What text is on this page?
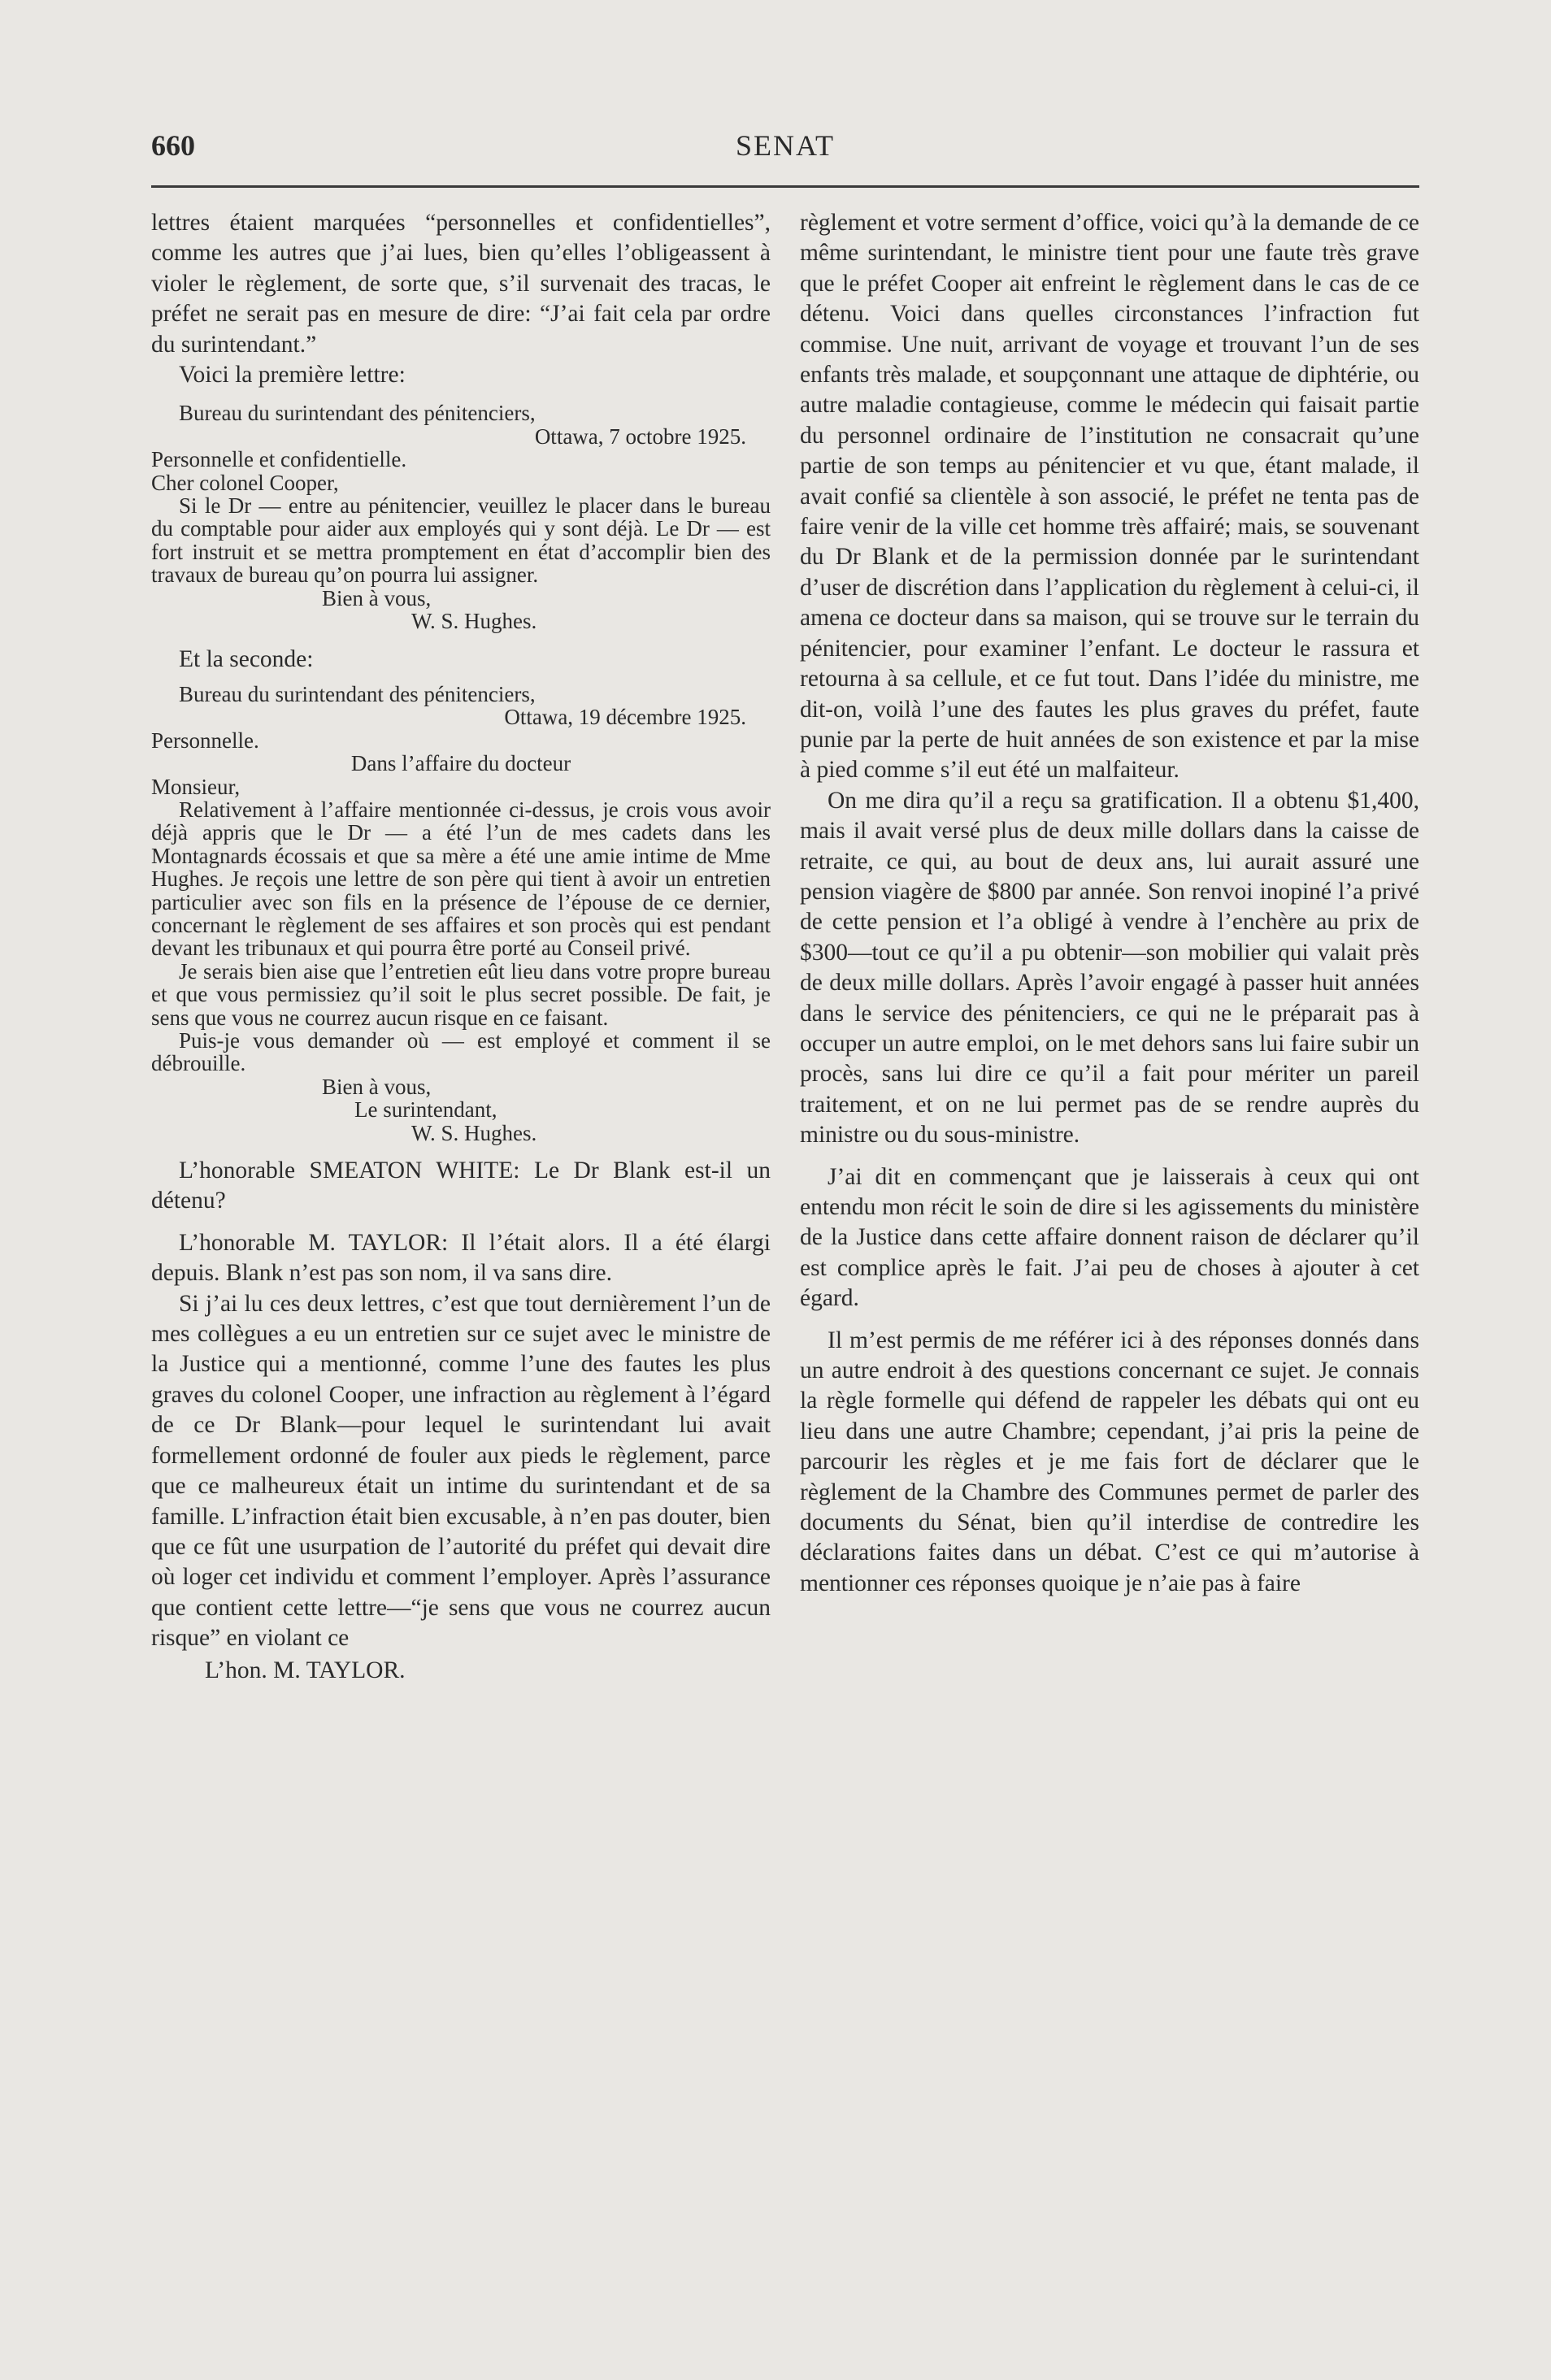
660	SENAT

lettres étaient marquées “personnelles et confidentielles”, comme les autres que j’ai lues, bien qu’elles l’obligeassent à violer le règlement, de sorte que, s’il survenait des tracas, le préfet ne serait pas en mesure de dire: “J’ai fait cela par ordre du surintendant.”

Voici la première lettre:

Bureau du surintendant des pénitenciers,

Ottawa, 7 octobre 1925.

Personnelle et confidentielle.

Cher colonel Cooper,

Si le Dr — entre au pénitencier, veuillez le placer dans le bureau du comptable pour aider aux employés qui y sont déjà. Le Dr — est fort instruit et se mettra promptement en état d’accomplir bien des travaux de bureau qu’on pourra lui assigner.

Bien à vous,

W. S. Hughes.

Et la seconde:

Bureau du surintendant des pénitenciers,

Ottawa, 19 décembre 1925.

Personnelle.

Dans l’affaire du docteur

Monsieur,

Relativement à l’affaire mentionnée ci-dessus, je crois vous avoir déjà appris que le Dr — a été l’un de mes cadets dans les Montagnards écossais et que sa mère a été une amie intime de Mme Hughes. Je reçois une lettre de son père qui tient à avoir un entretien particulier avec son fils en la présence de l’épouse de ce dernier, concernant le règlement de ses affaires et son procès qui est pendant devant les tribunaux et qui pourra être porté au Conseil privé.

Je serais bien aise que l’entretien eût lieu dans votre propre bureau et que vous permissiez qu’il soit le plus secret possible. De fait, je sens que vous ne courrez aucun risque en ce faisant.

Puis-je vous demander où — est employé et comment il se débrouille.

Bien à vous,

Le surintendant,

W. S. Hughes.

L’honorable SMEATON WHITE: Le Dr Blank est-il un détenu?

L’honorable M. TAYLOR: Il l’était alors. Il a été élargi depuis. Blank n’est pas son nom, il va sans dire.

Si j’ai lu ces deux lettres, c’est que tout dernièrement l’un de mes collègues a eu un entretien sur ce sujet avec le ministre de la Justice qui a mentionné, comme l’une des fautes les plus graves du colonel Cooper, une infraction au règlement à l’égard de ce Dr Blank—pour lequel le surintendant lui avait formellement ordonné de fouler aux pieds le règlement, parce que ce malheureux était un intime du surintendant et de sa famille. L’infraction était bien excusable, à n’en pas douter, bien que ce fût une usurpation de l’autorité du préfet qui devait dire où loger cet individu et comment l’employer. Après l’assurance que contient cette lettre—“je sens que vous ne courrez aucun risque” en violant ce

L’hon. M. TAYLOR.

règlement et votre serment d’office, voici qu’à la demande de ce même surintendant, le ministre tient pour une faute très grave que le préfet Cooper ait enfreint le règlement dans le cas de ce détenu. Voici dans quelles circonstances l’infraction fut commise. Une nuit, arrivant de voyage et trouvant l’un de ses enfants très malade, et soupçonnant une attaque de diphtérie, ou autre maladie contagieuse, comme le médecin qui faisait partie du personnel ordinaire de l’institution ne consacrait qu’une partie de son temps au pénitencier et vu que, étant malade, il avait confié sa clientèle à son associé, le préfet ne tenta pas de faire venir de la ville cet homme très affairé; mais, se souvenant du Dr Blank et de la permission donnée par le surintendant d’user de discrétion dans l’application du règlement à celui-ci, il amena ce docteur dans sa maison, qui se trouve sur le terrain du pénitencier, pour examiner l’enfant. Le docteur le rassura et retourna à sa cellule, et ce fut tout. Dans l’idée du ministre, me dit-on, voilà l’une des fautes les plus graves du préfet, faute punie par la perte de huit années de son existence et par la mise à pied comme s’il eut été un malfaiteur.

On me dira qu’il a reçu sa gratification. Il a obtenu $1,400, mais il avait versé plus de deux mille dollars dans la caisse de retraite, ce qui, au bout de deux ans, lui aurait assuré une pension viagère de $800 par année. Son renvoi inopiné l’a privé de cette pension et l’a obligé à vendre à l’enchère au prix de $300—tout ce qu’il a pu obtenir—son mobilier qui valait près de deux mille dollars. Après l’avoir engagé à passer huit années dans le service des pénitenciers, ce qui ne le préparait pas à occuper un autre emploi, on le met dehors sans lui faire subir un procès, sans lui dire ce qu’il a fait pour mériter un pareil traitement, et on ne lui permet pas de se rendre auprès du ministre ou du sous-ministre.

J’ai dit en commençant que je laisserais à ceux qui ont entendu mon récit le soin de dire si les agissements du ministère de la Justice dans cette affaire donnent raison de déclarer qu’il est complice après le fait. J’ai peu de choses à ajouter à cet égard.

Il m’est permis de me référer ici à des réponses donnés dans un autre endroit à des questions concernant ce sujet. Je connais la règle formelle qui défend de rappeler les débats qui ont eu lieu dans une autre Chambre; cependant, j’ai pris la peine de parcourir les règles et je me fais fort de déclarer que le règlement de la Chambre des Communes permet de parler des documents du Sénat, bien qu’il interdise de contredire les déclarations faites dans un débat. C’est ce qui m’autorise à mentionner ces réponses quoique je n’aie pas à faire
